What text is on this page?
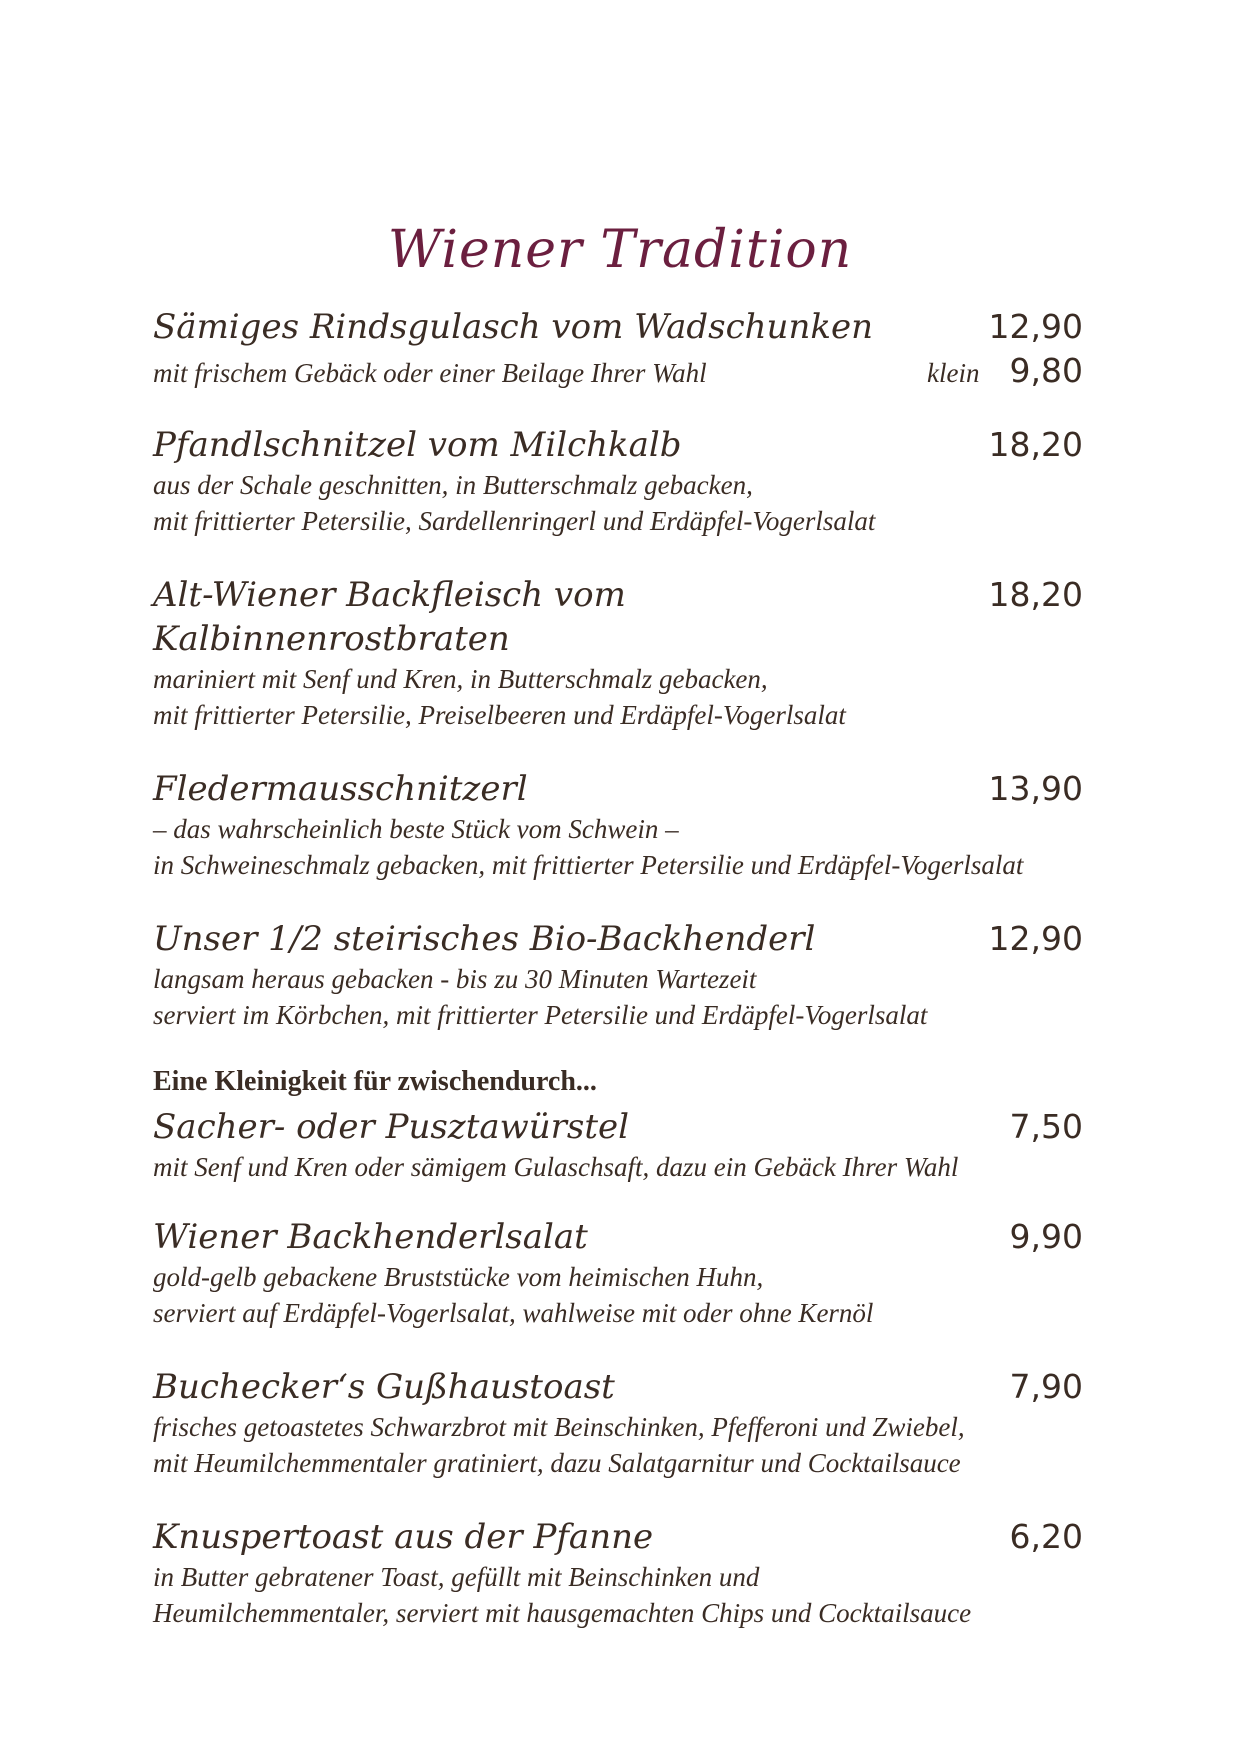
Wiener Tradition
Sämiges Rindsgulasch vom Wadschunken	12,90
mit frischem Gebäck oder einer Beilage Ihrer Wahl	klein 9,80
Pfandlschnitzel vom Milchkalb	18,20
aus der Schale geschnitten, in Butterschmalz gebacken,
mit frittierter Petersilie, Sardellenringerl und Erdäpfel-Vogerlsalat
Alt-Wiener Backfleisch vom Kalbinnenrostbraten
18,20
mariniert mit Senf und Kren, in Butterschmalz gebacken,
mit frittierter Petersilie, Preiselbeeren und Erdäpfel-Vogerlsalat
Fledermausschnitzerl	13,90
– das wahrscheinlich beste Stück vom Schwein –
in Schweineschmalz gebacken, mit frittierter Petersilie und Erdäpfel-Vogerlsalat
Unser 1/2 steirisches Bio-Backhenderl	12,90
langsam heraus gebacken - bis zu 30 Minuten Wartezeit
serviert im Körbchen, mit frittierter Petersilie und Erdäpfel-Vogerlsalat
Eine Kleinigkeit für zwischendurch...
Sacher- oder Pusztawürstel	7,50
mit Senf und Kren oder sämigem Gulaschsaft, dazu ein Gebäck Ihrer Wahl
Wiener Backhenderlsalat	9,90
gold-gelb gebackene Bruststücke vom heimischen Huhn,
serviert auf Erdäpfel-Vogerlsalat, wahlweise mit oder ohne Kernöl
Buchecker‘s Gußhaustoast	7,90
frisches getoastetes Schwarzbrot mit Beinschinken, Pfefferoni und Zwiebel,
mit Heumilchemmentaler gratiniert, dazu Salatgarnitur und Cocktailsauce
Knuspertoast aus der Pfanne	6,20
in Butter gebratener Toast, gefüllt mit Beinschinken und
Heumilchemmentaler, serviert mit hausgemachten Chips und Cocktailsauce
